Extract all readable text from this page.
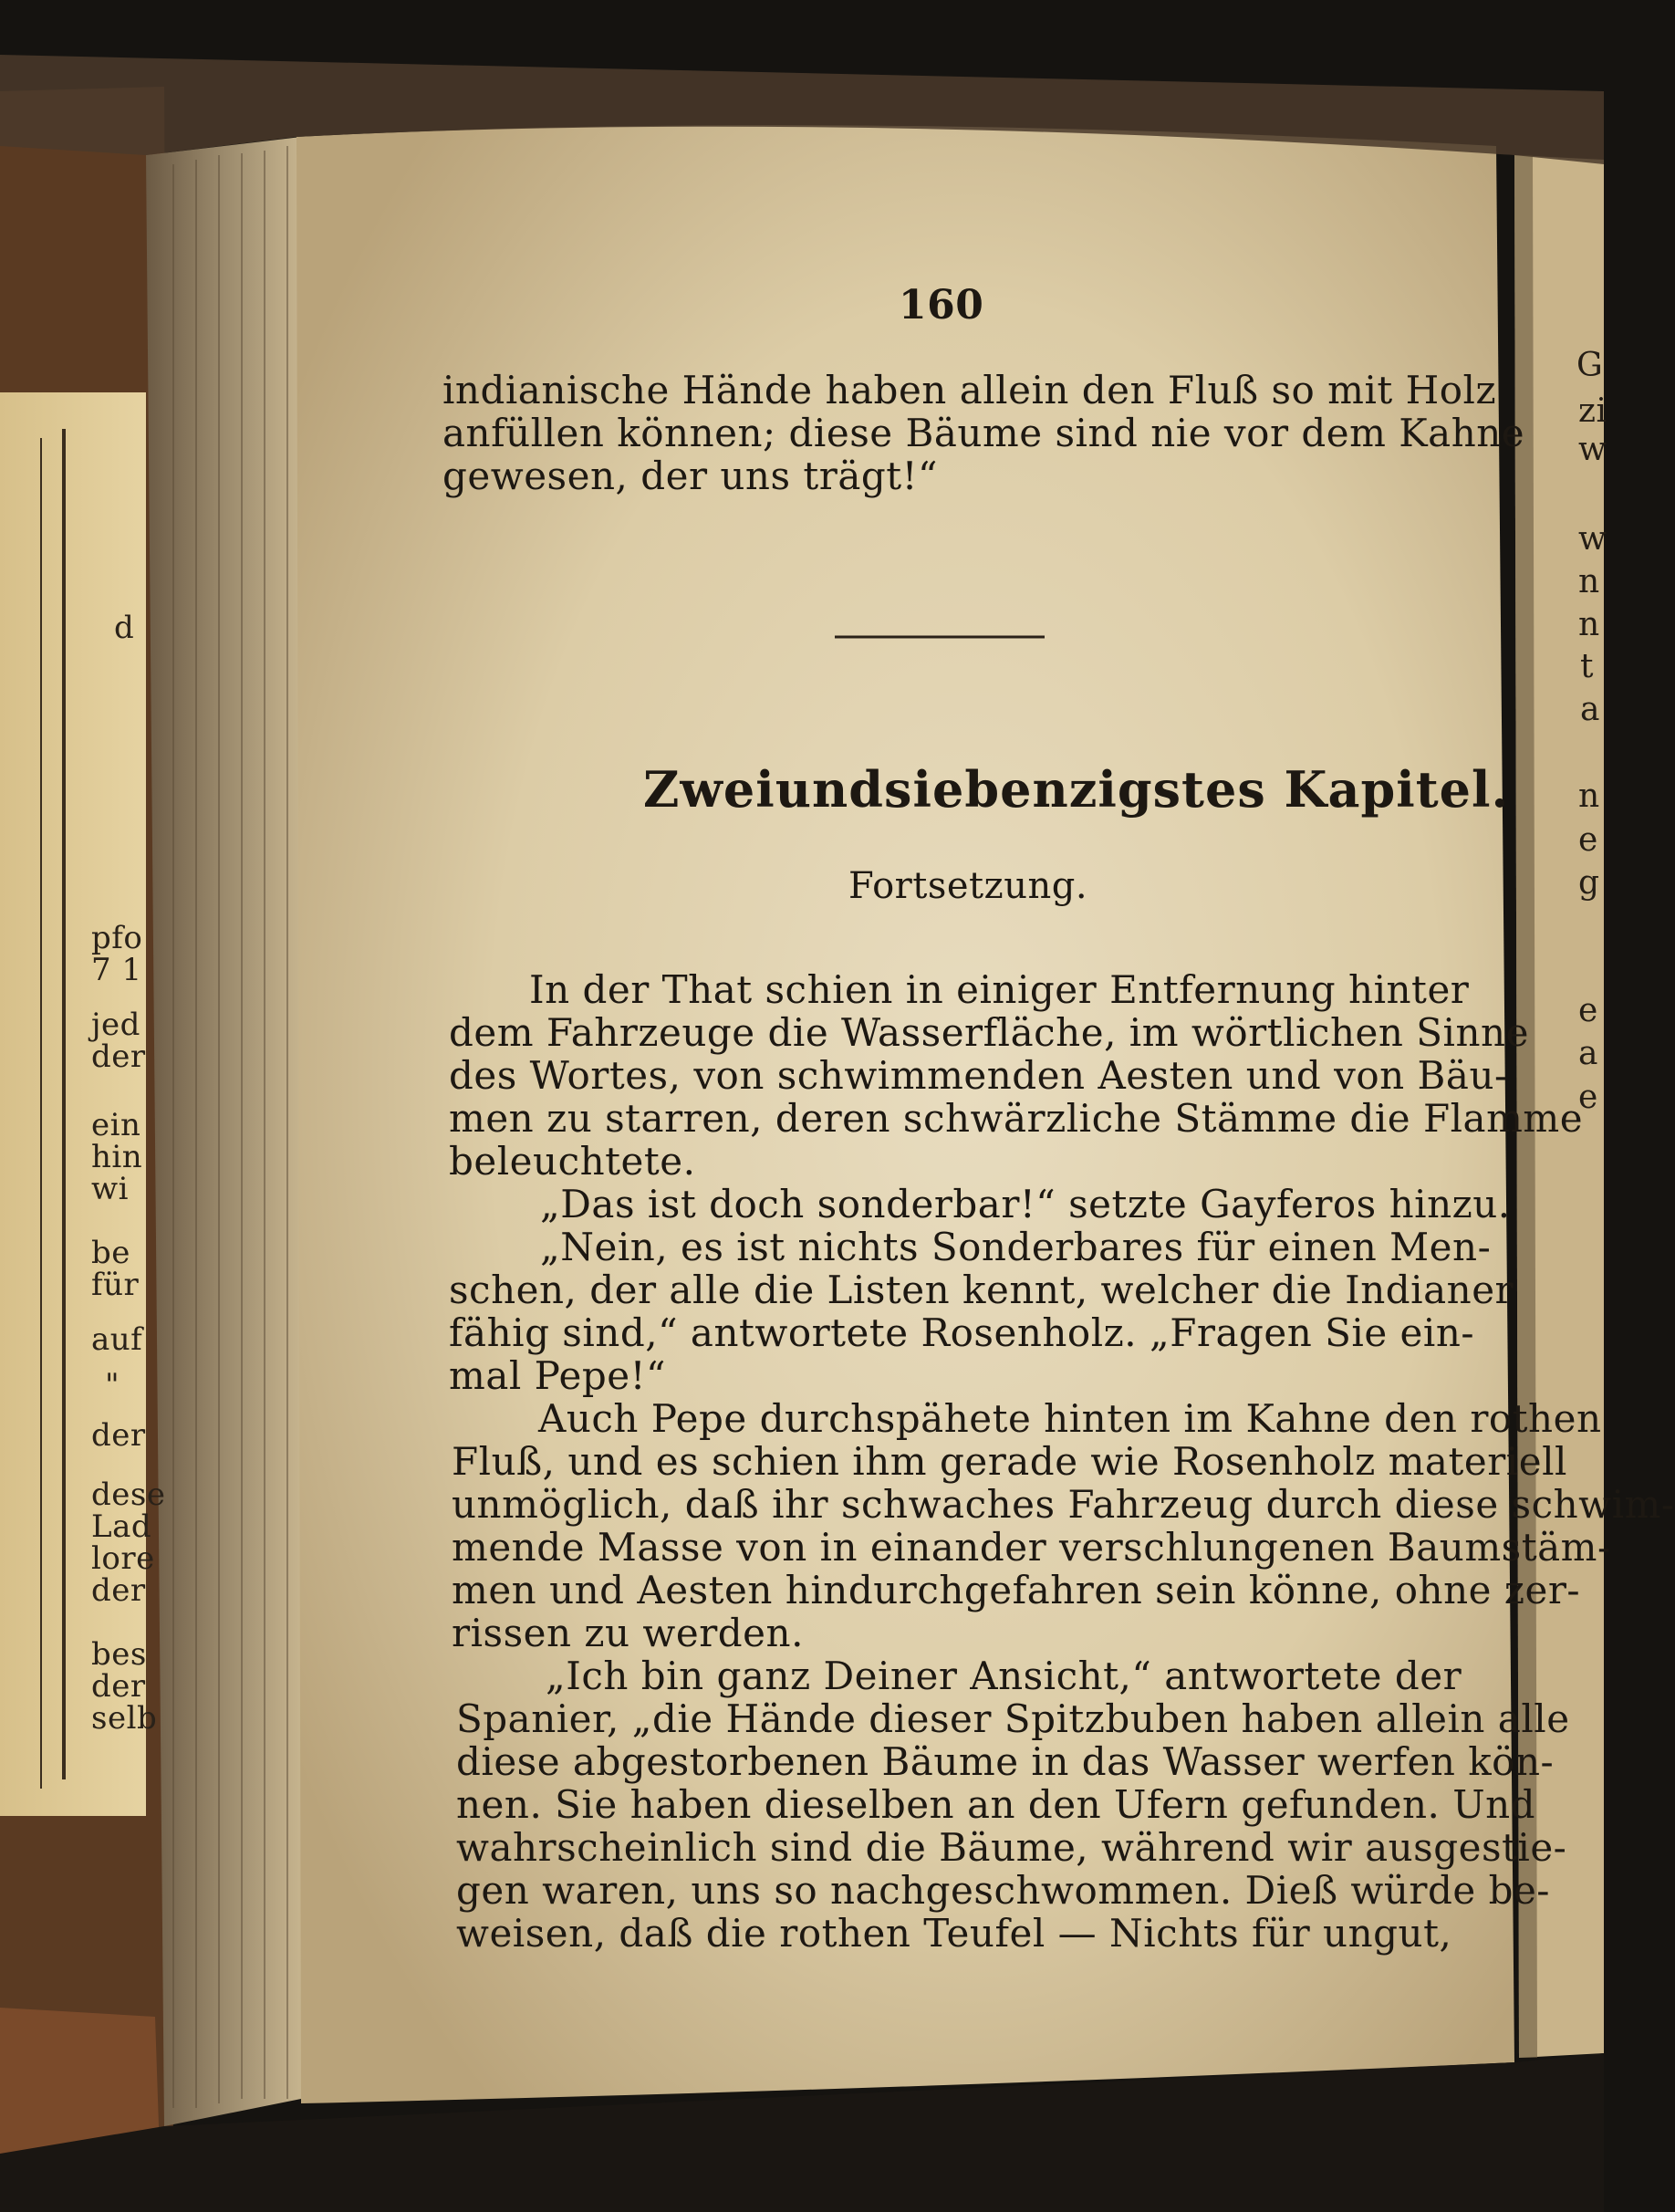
160
indianische Hände haben allein den Fluß so mit Holz
anfüllen können; diese Bäume sind nie vor dem Kahne
gewesen, der uns trägt!“
Zweiundsiebenzigstes Kapitel.
Fortsetzung.
In der That schien in einiger Entfernung hinter
dem Fahrzeuge die Wasserfläche, im wörtlichen Sinne
des Wortes, von schwimmenden Aesten und von Bäu-
men zu starren, deren schwärzliche Stämme die Flamme
beleuchtete.
„Das ist doch sonderbar!“ setzte Gayferos hinzu.
„Nein, es ist nichts Sonderbares für einen Men-
schen, der alle die Listen kennt, welcher die Indianer
fähig sind,“ antwortete Rosenholz. „Fragen Sie ein-
mal Pepe!“
Auch Pepe durchspähete hinten im Kahne den rothen
Fluß, und es schien ihm gerade wie Rosenholz materiell
unmöglich, daß ihr schwaches Fahrzeug durch diese schwim-
mende Masse von in einander verschlungenen Baumstäm-
men und Aesten hindurchgefahren sein könne, ohne zer-
rissen zu werden.
„Ich bin ganz Deiner Ansicht,“ antwortete der
Spanier, „die Hände dieser Spitzbuben haben allein alle
diese abgestorbenen Bäume in das Wasser werfen kön-
nen. Sie haben dieselben an den Ufern gefunden. Und
wahrscheinlich sind die Bäume, während wir ausgestie-
gen waren, uns so nachgeschwommen. Dieß würde be-
weisen, daß die rothen Teufel — Nichts für ungut,
d
pfo
7 1
jed
der
ein
hin
wi
be
für
auf
"
der
dese
Lad
lore
der
bes
der
selb
G
zi
w
w
n
n
t
a
n
e
g
e
a
e
